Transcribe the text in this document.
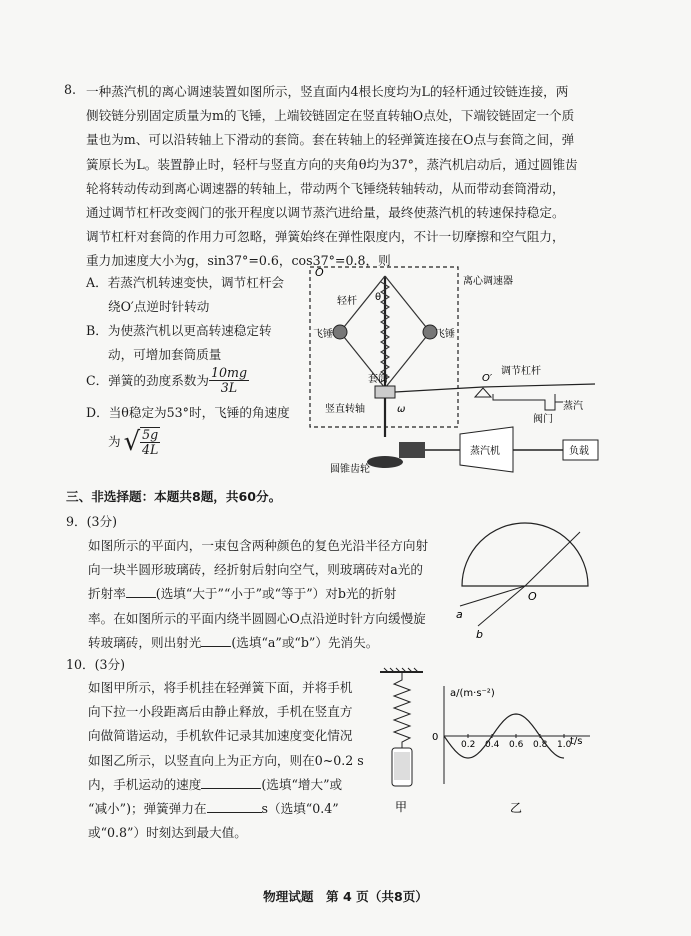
8. 一种蒸汽机的离心调速装置如图所示，竖直面内4根长度均为L的轻杆通过铰链连接，两
侧铰链分别固定质量为m的飞锤，上端铰链固定在竖直转轴O点处，下端铰链固定一个质
量也为m、可以沿转轴上下滑动的套筒。套在转轴上的轻弹簧连接在O点与套筒之间，弹
簧原长为L。装置静止时，轻杆与竖直方向的夹角θ均为37°，蒸汽机启动后，通过圆锥齿
轮将转动传动到离心调速器的转轴上，带动两个飞锤绕转轴转动，从而带动套筒滑动，
通过调节杠杆改变阀门的张开程度以调节蒸汽进给量，最终使蒸汽机的转速保持稳定。
调节杠杆对套筒的作用力可忽略，弹簧始终在弹性限度内，不计一切摩擦和空气阻力，
重力加速度大小为g，sin37°=0.6，cos37°=0.8，则
A．若蒸汽机转速变快，调节杠杆会
绕O′点逆时针转动
B．为使蒸汽机以更高转速稳定转
动，可增加套筒质量
C．弹簧的劲度系数为 $\frac{10mg}{3L}$
D．当θ稳定为53°时，飞锤的角速度
为 √ $\frac{5g}{4L}$
O
θ
轻杆
离心调速器
飞锤	飞锤
套筒	O′
调节杠杆
竖直转轴	ω
阀门
蒸汽
圆锥齿轮
蒸汽机	负载
三、非选择题：本题共8题，共60分。
9．(3分)
如图所示的平面内，一束包含两种颜色的复色光沿半径方向射
向一块半圆形玻璃砖，经折射后射向空气，则玻璃砖对a光的
折射率 (选填“大于”“小于”或“等于”）对b光的折射
率。在如图所示的平面内绕半圆圆心O点沿逆时针方向缓慢旋
转玻璃砖，则出射光 (选填“a”或“b”）先消失。
O
a
b
10．(3分)
如图甲所示，将手机挂在轻弹簧下面，并将手机
向下拉一小段距离后由静止释放，手机在竖直方
向做简谐运动，手机软件记录其加速度变化情况
如图乙所示，以竖直向上为正方向，则在0~0.2 s
内，手机运动的速度	(选填“增大”或
“减小”)；弹簧弹力在	s（选填“0.4”
或“0.8”）时刻达到最大值。
甲
a/(m·s⁻²)
t/s
0
0.2 0.4 0.6 0.8 1.0
乙
物理试题　第 4 页（共8页）
